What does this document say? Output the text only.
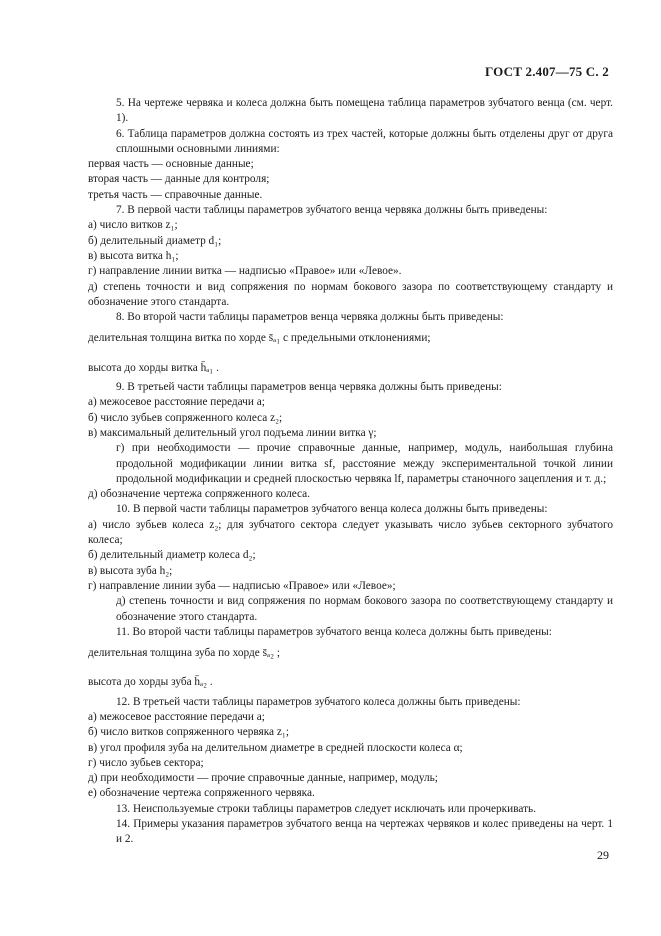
ГОСТ 2.407—75 С. 2
5. На чертеже червяка и колеса должна быть помещена таблица параметров зубчатого венца (см. черт. 1).
6. Таблица параметров должна состоять из трех частей, которые должны быть отделены друг от друга сплошными основными линиями:
первая часть — основные данные;
вторая часть — данные для контроля;
третья часть — справочные данные.
7. В первой части таблицы параметров зубчатого венца червяка должны быть приведены:
а) число витков z₁;
б) делительный диаметр d₁;
в) высота витка h₁;
г) направление линии витка — надписью «Правое» или «Левое».
д) степень точности и вид сопряжения по нормам бокового зазора по соответствующему стандарту и обозначение этого стандарта.
8. Во второй части таблицы параметров венца червяка должны быть приведены:
делительная толщина витка по хорде s̄ₐ₁ с предельными отклонениями;
высота до хорды витка h̄ₐ₁ .
9. В третьей части таблицы параметров венца червяка должны быть приведены:
а) межосевое расстояние передачи a;
б) число зубьев сопряженного колеса z₂;
в) максимальный делительный угол подъема линии витка γ;
г) при необходимости — прочие справочные данные, например, модуль, наибольшая глубина продольной модификации линии витка sf, расстояние между экспериментальной точкой линии продольной модификации и средней плоскостью червяка lf, параметры станочного зацепления и т. д.;
д) обозначение чертежа сопряженного колеса.
10. В первой части таблицы параметров зубчатого венца колеса должны быть приведены:
а) число зубьев колеса z₂; для зубчатого сектора следует указывать число зубьев секторного зубчатого колеса;
б) делительный диаметр колеса d₂;
в) высота зуба h₂;
г) направление линии зуба — надписью «Правое» или «Левое»;
д) степень точности и вид сопряжения по нормам бокового зазора по соответствующему стандарту и обозначение этого стандарта.
11. Во второй части таблицы параметров зубчатого венца колеса должны быть приведены:
делительная толщина зуба по хорде s̄ₐ₂ ;
высота до хорды зуба h̄ₐ₂ .
12. В третьей части таблицы параметров зубчатого колеса должны быть приведены:
а) межосевое расстояние передачи a;
б) число витков сопряженного червяка z₁;
в) угол профиля зуба на делительном диаметре в средней плоскости колеса α;
г) число зубьев сектора;
д) при необходимости — прочие справочные данные, например, модуль;
е) обозначение чертежа сопряженного червяка.
13. Неиспользуемые строки таблицы параметров следует исключать или прочеркивать.
14. Примеры указания параметров зубчатого венца на чертежах червяков и колес приведены на черт. 1 и 2.
29
